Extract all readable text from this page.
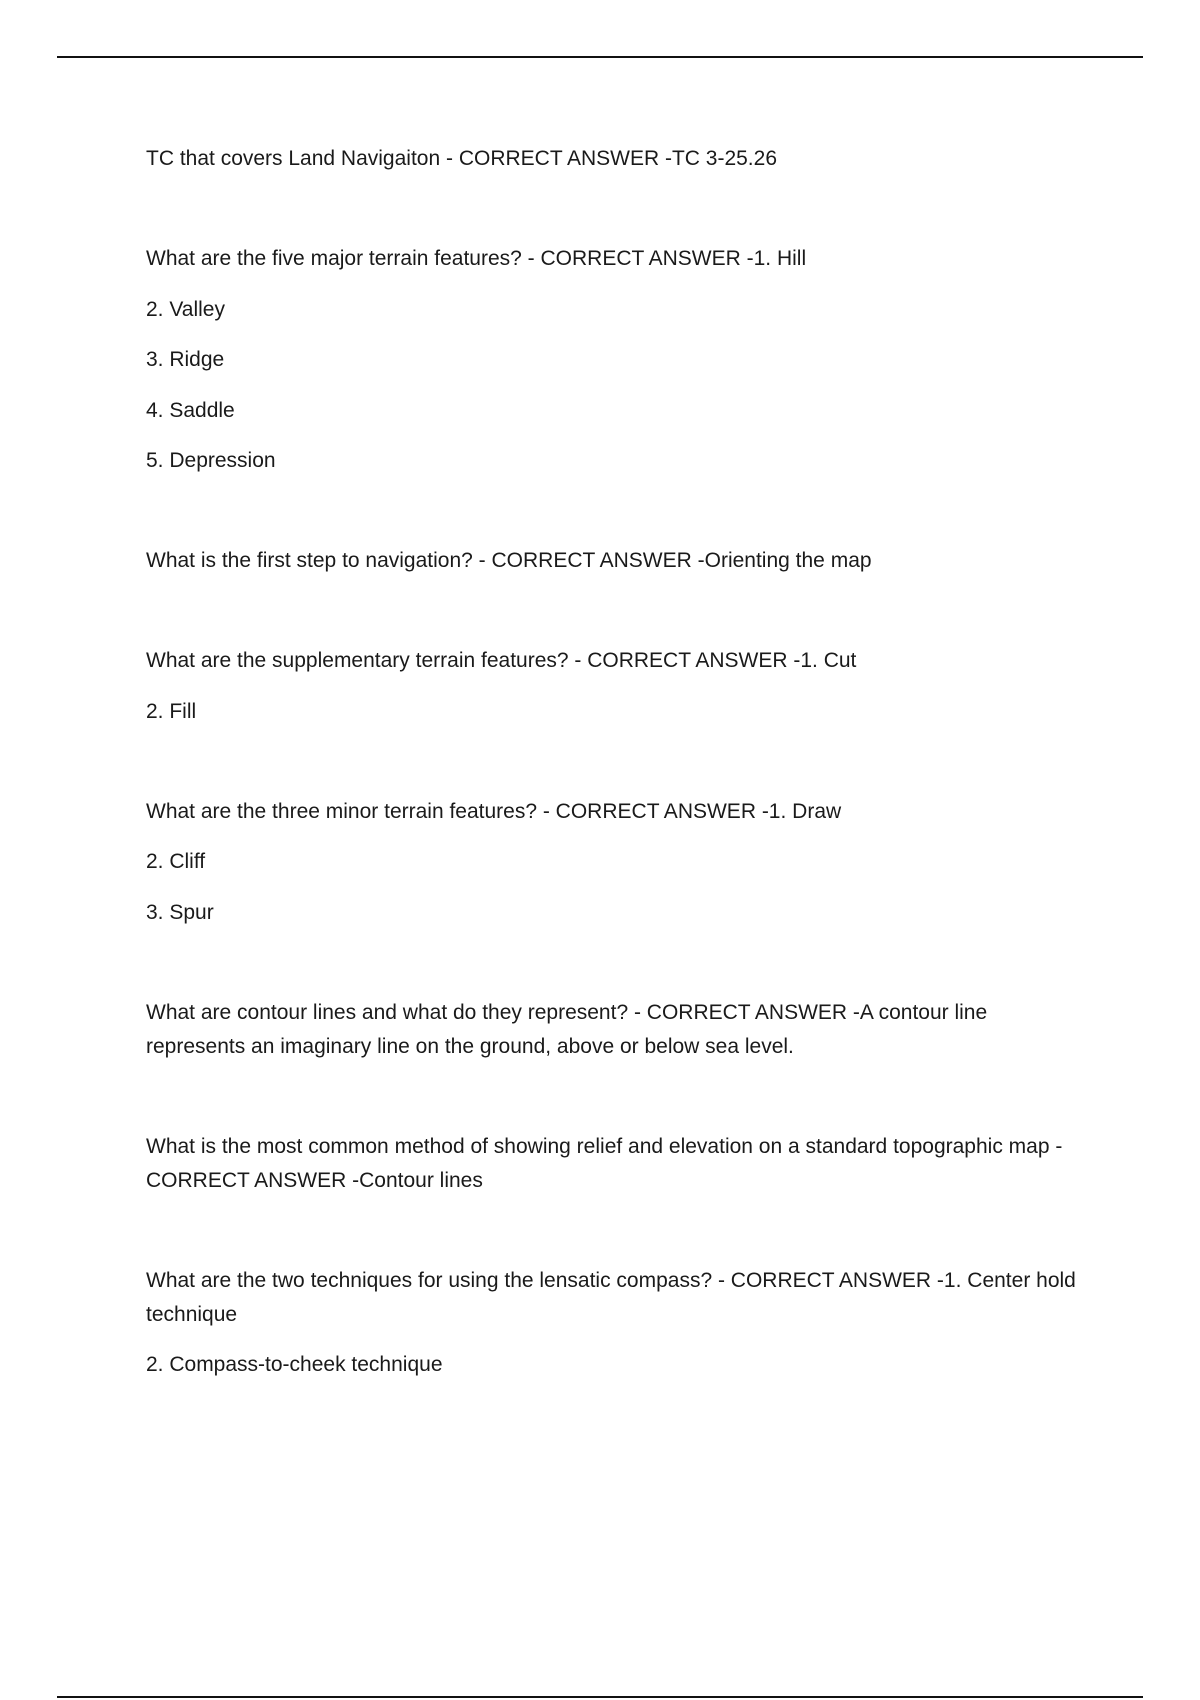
TC that covers Land Navigaiton - CORRECT ANSWER -TC 3-25.26

What are the five major terrain features? - CORRECT ANSWER -1. Hill

2. Valley

3. Ridge

4. Saddle

5. Depression

What is the first step to navigation? - CORRECT ANSWER -Orienting the map

What are the supplementary terrain features? - CORRECT ANSWER -1. Cut

2. Fill

What are the three minor terrain features? - CORRECT ANSWER -1. Draw

2. Cliff

3. Spur

What are contour lines and what do they represent? - CORRECT ANSWER -A contour line represents an imaginary line on the ground, above or below sea level.

What is the most common method of showing relief and elevation on a standard topographic map - CORRECT ANSWER -Contour lines

What are the two techniques for using the lensatic compass? - CORRECT ANSWER -1. Center hold technique

2. Compass-to-cheek technique
